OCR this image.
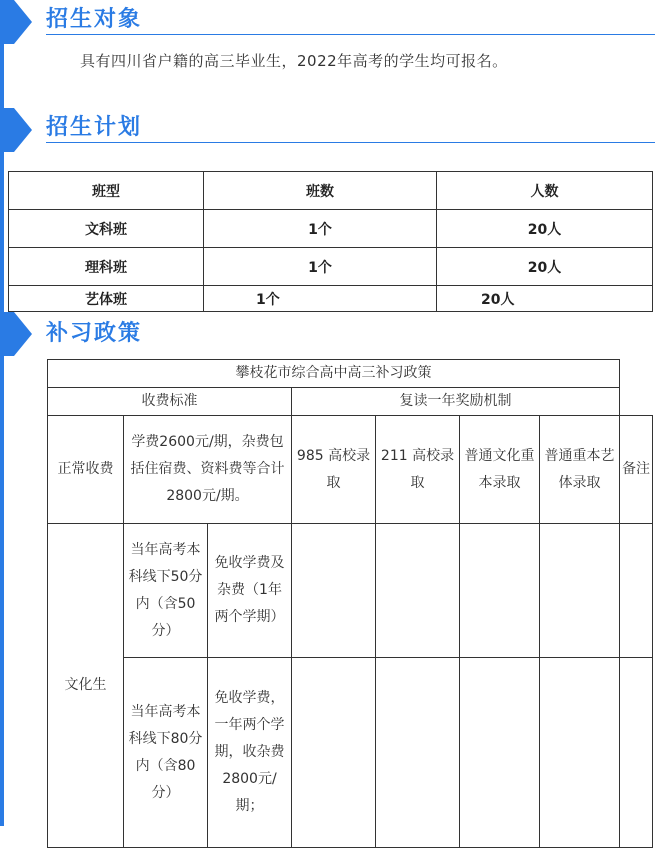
招生对象
具有四川省户籍的高三毕业生，2022年高考的学生均可报名。
招生计划
班型	班数	人数
文科班	1个	20人
理科班	1个	20人
艺体班	1个	20人
补习政策
攀枝花市综合高中高三补习政策							
收费标准			复读一年奖励机制				
正常收费	学费2600元/期，杂费包括住宿费、资料费等合计 2800元/期。		985 高校录取	211 高校录取	普通文化重本录取	普通重本艺体录取	备注
文化生	当年高考本科线下50分内（含50分）	免收学费及杂费（1年两个学期）					
	当年高考本科线下80分内（含80分）	免收学费，一年两个学期，收杂费2800元/期；					
